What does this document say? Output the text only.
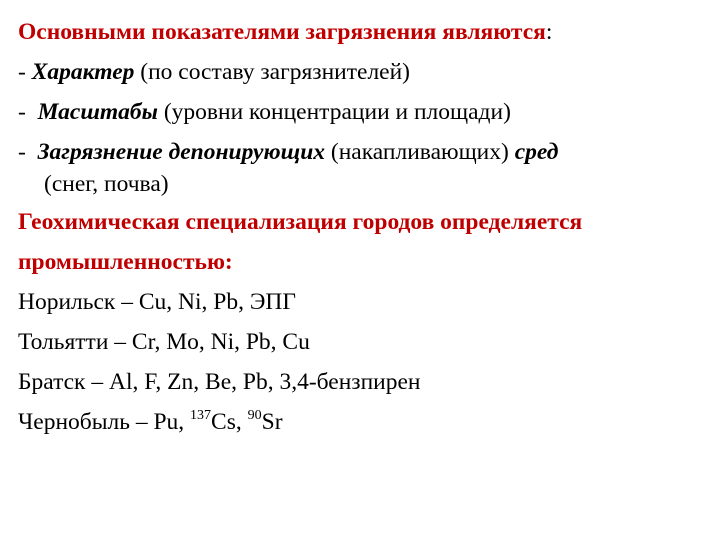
Основными показателями загрязнения являются:
- Характер (по составу загрязнителей)
- Масштабы (уровни концентрации и площади)
- Загрязнение депонирующих (накапливающих) сред
(снег, почва)
Геохимическая специализация городов определяется
промышленностью:
Норильск – Cu, Ni, Pb, ЭПГ
Тольятти – Cr, Mo, Ni, Pb, Cu
Братск – Al, F, Zn, Be, Pb, 3,4-бензпирен
Чернобыль – Pu, $^{137}$Cs, $^{90}$Sr
